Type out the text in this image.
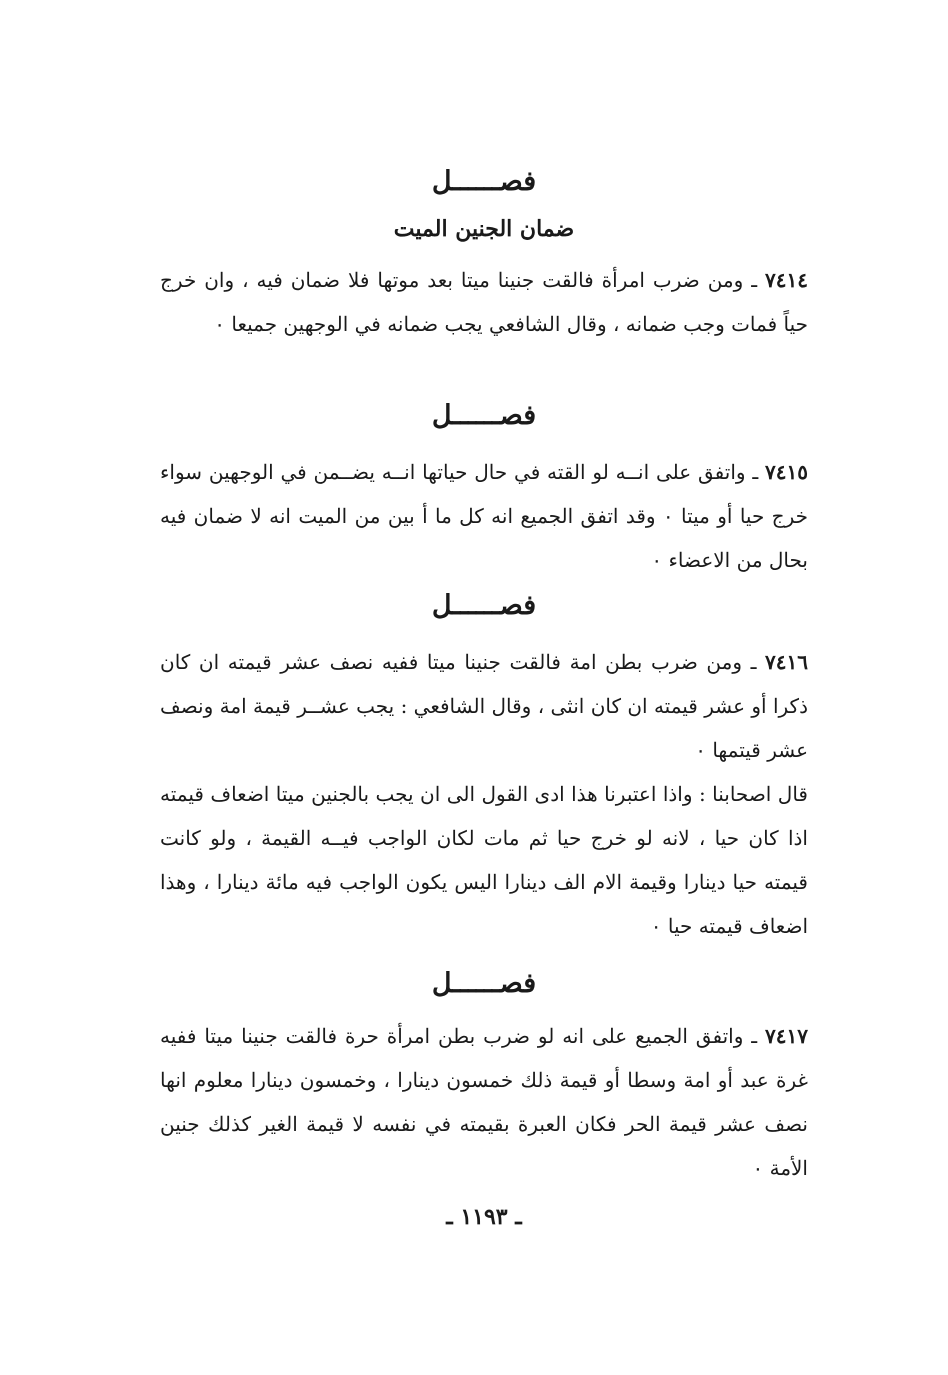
فصــــــل
ضمان الجنين الميت

٧٤١٤ ـ ومن ضرب امرأة فالقت جنينا ميتا بعد موتها فلا ضمان فيه ، وان خرج حياً فمات وجب ضمانه ، وقال الشافعي يجب ضمانه في الوجهين جميعا ٠

فصــــــل

٧٤١٥ ـ واتفق على انــه لو القته في حال حياتها انــه يضــمن في الوجهين سواء خرج حيا أو ميتا ٠ وقد اتفق الجميع انه كل ما أ بين من الميت انه لا ضمان فيه بحال من الاعضاء ٠

فصــــــل

٧٤١٦ ـ ومن ضرب بطن امة فالقت جنينا ميتا ففيه نصف عشر قيمته ان كان ذكرا أو عشر قيمته ان كان انثى ، وقال الشافعي : يجب عشــر قيمة امة ونصف عشر قيتمها ٠

قال اصحابنا : واذا اعتبرنا هذا ادى القول الى ان يجب بالجنين ميتا اضعاف قيمته اذا كان حيا ، لانه لو خرج حيا ثم مات لكان الواجب فيــه القيمة ، ولو كانت قيمته حيا دينارا وقيمة الام الف دينارا اليس يكون الواجب فيه مائة دينارا ، وهذا اضعاف قيمته حيا ٠

فصــــــل

٧٤١٧ ـ واتفق الجميع على انه لو ضرب بطن امرأة حرة فالقت جنينا ميتا ففيه غرة عبد أو امة وسطا أو قيمة ذلك خمسون دينارا ، وخمسون دينارا معلوم انها نصف عشر قيمة الحر فكان العبرة بقيمته في نفسه لا قيمة الغير كذلك جنين الأمة ٠

ـ ١١٩٣ ـ
